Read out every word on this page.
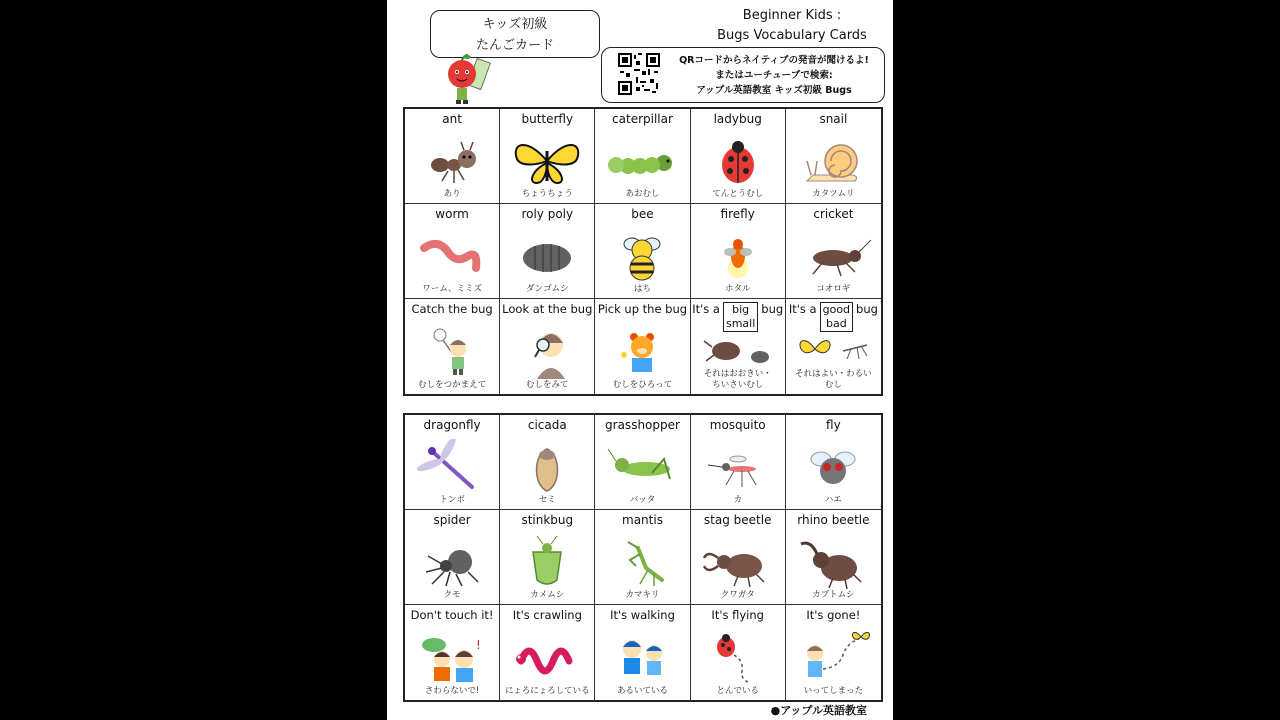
キッズ初級
たんごカード
Beginner Kids :
Bugs Vocabulary Cards
QRコードからネイティブの発音が聞けるよ!
またはユーチューブで検索:
アップル英語教室 キッズ初級 Bugs
ant
あり
butterfly
ちょうちょう
caterpillar
あおむし
ladybug
てんとうむし
snail
カタツムリ
worm
ワーム、ミミズ
roly poly
ダンゴムシ
bee
はち
firefly
ホタル
cricket
コオロギ
Catch the bug
むしをつかまえて
Look at the bug
むしをみて
Pick up the bug
むしをひろって
It's a	big
small
bug
それはおおきい・
ちいさいむし
It's a good
bad
bug
それはよい・わるい
むし
dragonfly
トンボ
cicada
セミ
grasshopper
バッタ
mosquito
カ
fly
ハエ
spider
クモ
stinkbug
カメムシ
mantis
カマキリ
stag beetle
クワガタ
rhino beetle
カブトムシ
Don't touch it!
!
さわらないで!
It's crawling
にょろにょろしている
It's walking
あるいている
It's flying
とんでいる
It's gone!
いってしまった
●アップル英語教室
